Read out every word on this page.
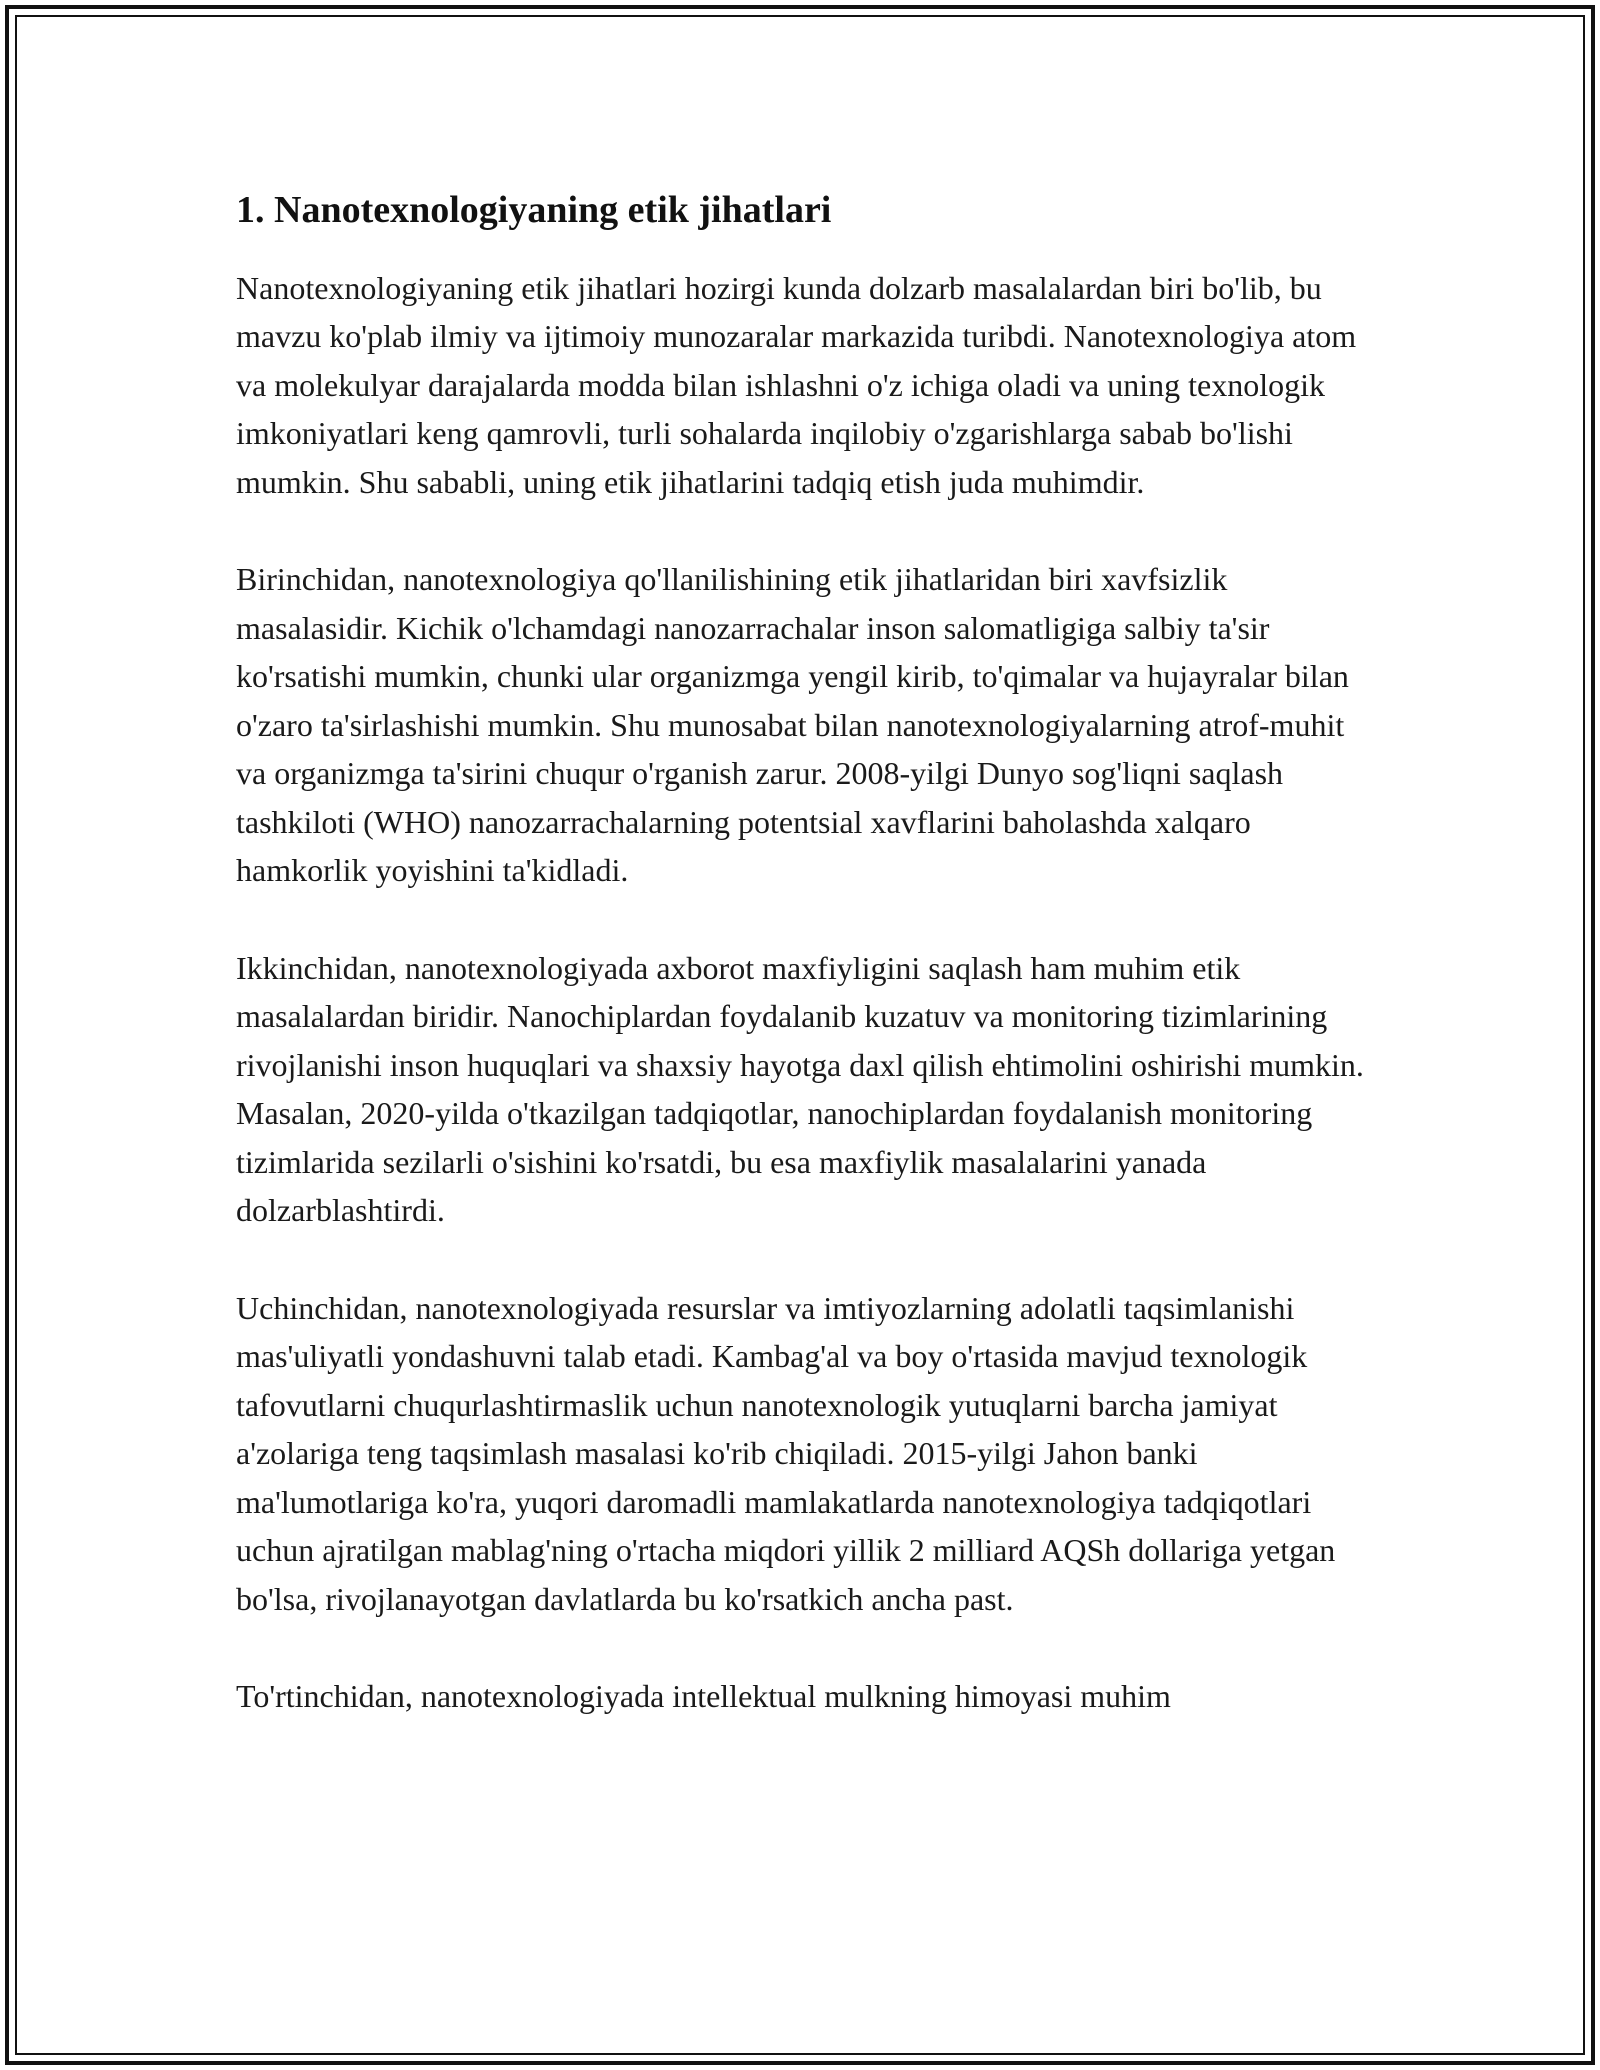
1. Nanotexnologiyaning etik jihatlari

Nanotexnologiyaning etik jihatlari hozirgi kunda dolzarb masalalardan biri bo'lib, bu mavzu ko'plab ilmiy va ijtimoiy munozaralar markazida turibdi. Nanotexnologiya atom va molekulyar darajalarda modda bilan ishlashni o'z ichiga oladi va uning texnologik imkoniyatlari keng qamrovli, turli sohalarda inqilobiy o'zgarishlarga sabab bo'lishi mumkin. Shu sababli, uning etik jihatlarini tadqiq etish juda muhimdir.

Birinchidan, nanotexnologiya qo'llanilishining etik jihatlaridan biri xavfsizlik masalasidir. Kichik o'lchamdagi nanozarrachalar inson salomatligiga salbiy ta'sir ko'rsatishi mumkin, chunki ular organizmga yengil kirib, to'qimalar va hujayralar bilan o'zaro ta'sirlashishi mumkin. Shu munosabat bilan nanotexnologiyalarning atrof-muhit va organizmga ta'sirini chuqur o'rganish zarur. 2008-yilgi Dunyo sog'liqni saqlash tashkiloti (WHO) nanozarrachalarning potentsial xavflarini baholashda xalqaro hamkorlik yoyishini ta'kidladi.

Ikkinchidan, nanotexnologiyada axborot maxfiyligini saqlash ham muhim etik masalalardan biridir. Nanochiplardan foydalanib kuzatuv va monitoring tizimlarining rivojlanishi inson huquqlari va shaxsiy hayotga daxl qilish ehtimolini oshirishi mumkin. Masalan, 2020-yilda o'tkazilgan tadqiqotlar, nanochiplardan foydalanish monitoring tizimlarida sezilarli o'sishini ko'rsatdi, bu esa maxfiylik masalalarini yanada dolzarblashtirdi.

Uchinchidan, nanotexnologiyada resurslar va imtiyozlarning adolatli taqsimlanishi mas'uliyatli yondashuvni talab etadi. Kambag'al va boy o'rtasida mavjud texnologik tafovutlarni chuqurlashtirmaslik uchun nanotexnologik yutuqlarni barcha jamiyat a'zolariga teng taqsimlash masalasi ko'rib chiqiladi. 2015-yilgi Jahon banki ma'lumotlariga ko'ra, yuqori daromadli mamlakatlarda nanotexnologiya tadqiqotlari uchun ajratilgan mablag'ning o'rtacha miqdori yillik 2 milliard AQSh dollariga yetgan bo'lsa, rivojlanayotgan davlatlarda bu ko'rsatkich ancha past.

To'rtinchidan, nanotexnologiyada intellektual mulkning himoyasi muhim
